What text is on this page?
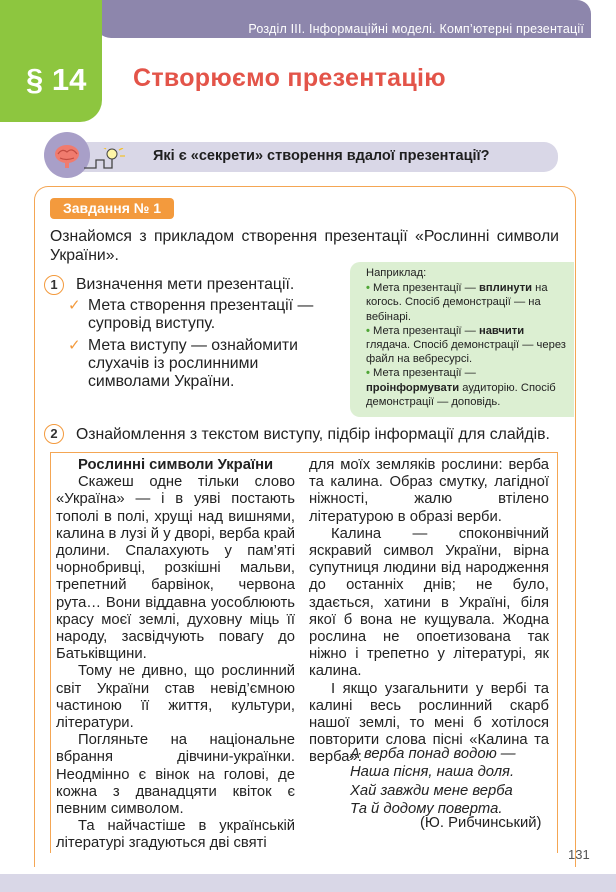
Розділ ІІІ. Інформаційні моделі. Комп’ютерні презентації
§ 14 Створюємо презентацію
Які є «секрети» створення вдалої презентації?
Завдання № 1
Ознайомся з прикладом створення презентації «Рослинні символи України».
1	Визначення мети презентації.
✓ Мета створення презентації — супровід виступу.
✓ Мета виступу — ознайомити слухачів із рослинними символами України.
Наприклад:
• Мета презентації — вплинути на когось. Спосіб демонстрації — на вебінарі.
• Мета презентації — навчити глядача. Спосіб демонстрації — через файл на вебресурсі.
• Мета презентації — проінформувати аудиторію. Спосіб демонстрації — доповідь.
2	Ознайомлення з текстом виступу, підбір інформації для слайдів.

Рослинні символи України

Скажеш одне тільки слово «Україна» — і в уяві постають тополі в полі, хрущі над вишнями, калина в лузі й у дворі, верба край долини. Спалахують у пам’яті чорнобривці, розкішні мальви, трепетний барвінок, червона рута… Вони віддавна уособлюють красу моєї землі, духовну міць її народу, засвідчують повагу до Батьківщини.

Тому не дивно, що рослинний світ України став невід’ємною частиною її життя, культури, літератури.

Погляньте на національне вбрання дівчини-українки. Неодмінно є вінок на голові, де кожна з дванадцяти квіток є певним символом.

Та найчастіше в українській літературі згадуються дві святі

для моїх земляків рослини: верба та калина. Образ смутку, лагідної ніжності, жалю втілено літературою в образі верби.

Калина — споконвічний яскравий символ України, вірна супутниця людини від народження до останніх днів; не було, здається, хатини в Україні, біля якої б вона не кущувала. Жодна рослина не опоетизована так ніжно і трепетно у літературі, як калина.

І якщо узагальнити у вербі та калині весь рослинний скарб нашої землі, то мені б хотілося повторити слова пісні «Калина та верба»:

А верба понад водою —
Наша пісня, наша доля.
Хай завжди мене верба
Та й додому поверта.
(Ю. Рибчинський)
131
